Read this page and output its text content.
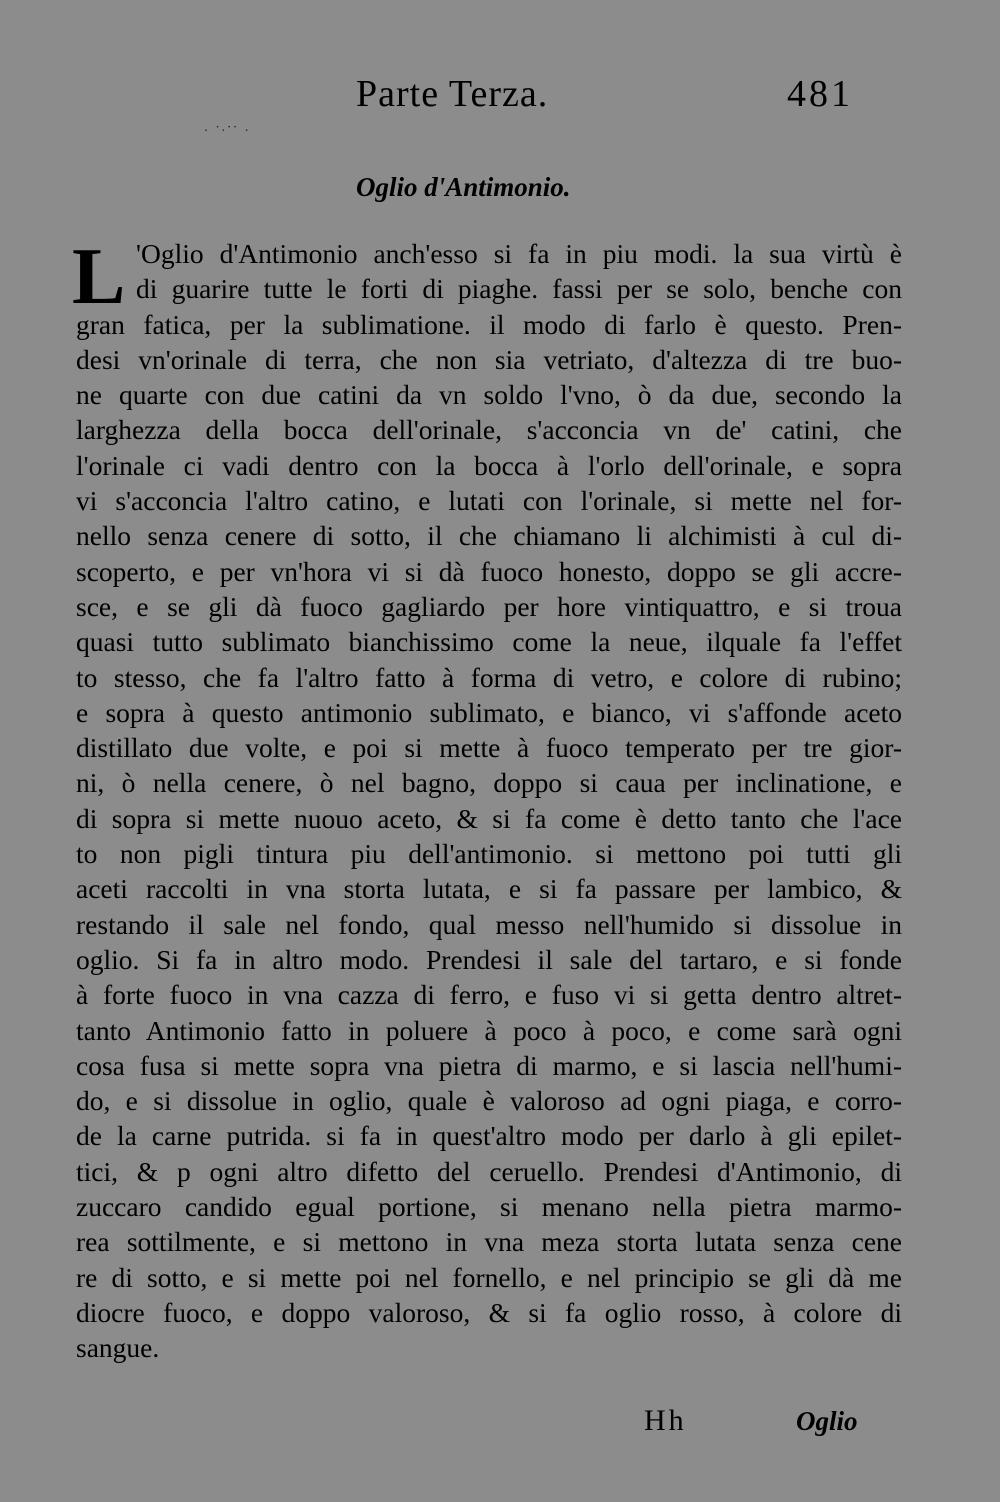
Parte Terza.	481
. ·.·· .
Oglio d'Antimonio.
L 'Oglio d'Antimonio anch'esso si fa in piu modi. la sua virtù è
di guarire tutte le forti di piaghe. fassi per se solo, benche con
gran fatica, per la sublimatione. il modo di farlo è questo. Pren-
desi vn'orinale di terra, che non sia vetriato, d'altezza di tre buo-
ne quarte con due catini da vn soldo l'vno, ò da due, secondo la
larghezza della bocca dell'orinale, s'acconcia vn de' catini, che
l'orinale ci vadi dentro con la bocca à l'orlo dell'orinale, e sopra
vi s'acconcia l'altro catino, e lutati con l'orinale, si mette nel for-
nello senza cenere di sotto, il che chiamano li alchimisti à cul di-
scoperto, e per vn'hora vi si dà fuoco honesto, doppo se gli accre-
sce, e se gli dà fuoco gagliardo per hore vintiquattro, e si troua
quasi tutto sublimato bianchissimo come la neue, ilquale fa l'effet
to stesso, che fa l'altro fatto à forma di vetro, e colore di rubino;
e sopra à questo antimonio sublimato, e bianco, vi s'affonde aceto
distillato due volte, e poi si mette à fuoco temperato per tre gior-
ni, ò nella cenere, ò nel bagno, doppo si caua per inclinatione, e
di sopra si mette nuouo aceto, & si fa come è detto tanto che l'ace
to non pigli tintura piu dell'antimonio. si mettono poi tutti gli
aceti raccolti in vna storta lutata, e si fa passare per lambico, &
restando il sale nel fondo, qual messo nell'humido si dissolue in
oglio. Si fa in altro modo. Prendesi il sale del tartaro, e si fonde
à forte fuoco in vna cazza di ferro, e fuso vi si getta dentro altret-
tanto Antimonio fatto in poluere à poco à poco, e come sarà ogni
cosa fusa si mette sopra vna pietra di marmo, e si lascia nell'humi-
do, e si dissolue in oglio, quale è valoroso ad ogni piaga, e corro-
de la carne putrida. si fa in quest'altro modo per darlo à gli epilet-
tici, & p ogni altro difetto del ceruello. Prendesi d'Antimonio, di
zuccaro candido egual portione, si menano nella pietra marmo-
rea sottilmente, e si mettono in vna meza storta lutata senza cene
re di sotto, e si mette poi nel fornello, e nel principio se gli dà me
diocre fuoco, e doppo valoroso, & si fa oglio rosso, à colore di
sangue.
Hh	Oglio
